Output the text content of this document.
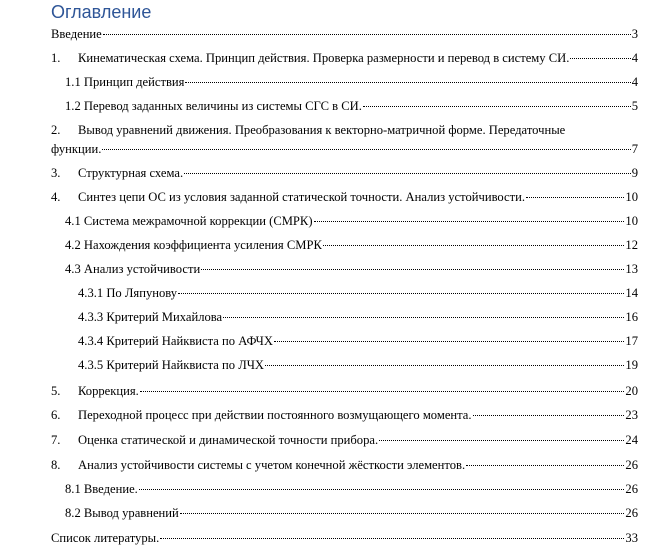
Оглавление
Введение	3
1.	Кинематическая схема. Принцип действия. Проверка размерности и перевод в систему СИ.	4
1.1 Принцип действия	4
1.2 Перевод заданных величины из системы СГС в СИ.	5
2.	Вывод уравнений движения. Преобразования к векторно-матричной форме. Передаточные
функции.	7
3.	Структурная схема.	9
4.	Синтез цепи ОС из условия заданной статической точности. Анализ устойчивости.	10
4.1 Система межрамочной коррекции (СМРК)	10
4.2 Нахождения коэффициента усиления СМРК	12
4.3 Анализ устойчивости	13
4.3.1 По Ляпунову	14
4.3.3 Критерий Михайлова	16
4.3.4 Критерий Найквиста по АФЧХ	17
4.3.5 Критерий Найквиста по ЛЧХ	19
5.	Коррекция.	20
6.	Переходной процесс при действии постоянного возмущающего момента.	23
7.	Оценка статической и динамической точности прибора.	24
8.	Анализ устойчивости системы с учетом конечной жёсткости элементов.	26
8.1 Введение.	26
8.2 Вывод уравнений	26
Список литературы.	33
